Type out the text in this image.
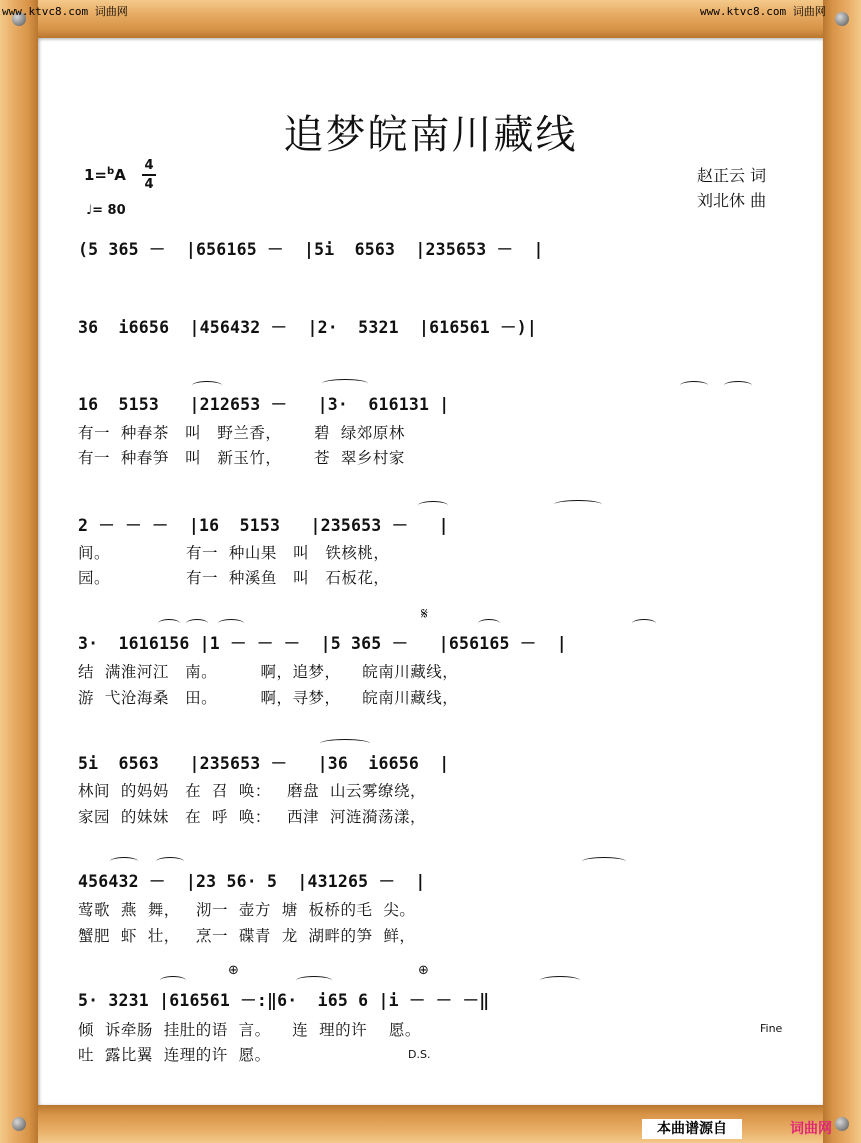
www.ktvc8.com 词曲网	www.ktvc8.com 词曲网
追梦皖南川藏线
1=$^b$A
4
4
♩= 80
赵正云 词
刘北休 曲
(5 365 －  |656165 －  |5i  6563  |235653 －  |
36  i6656  |456432 －  |2·  5321  |616561 －)|
16  5153   |212653 －   |3·  616131 |
有一  种春茶   叫   野兰香，      碧  绿郊原林
有一  种春笋   叫   新玉竹，      苍  翠乡村家
2 － － －  |16  5153   |235653 －   |
间。              有一  种山果   叫   铁核桃，
园。              有一  种溪鱼   叫   石板花，
𝄋
3·  1616156 |1 － － －  |5 365 －   |656165 －  |
结  满淮河江   南。        啊，追梦，    皖南川藏线，
游  弋沧海桑   田。        啊，寻梦，    皖南川藏线，
5i  6563   |235653 －   |36  i6656  |
林间  的妈妈   在  召  唤：   磨盘  山云雾缭绕，
家园  的妹妹   在  呼  唤：   西津  河涟漪荡漾，
456432 －  |23 56· 5  |431265 －  |
莺歌  燕  舞，   沏一  壶方  塘  板桥的毛  尖。
蟹肥  虾  壮，   烹一  碟青  龙  湖畔的笋  鲜，
⊕	⊕
5· 3231 |616561 －:‖6·  i65 6 |i － － －‖
倾  诉牵肠  挂肚的语  言。    连  理的许    愿。
吐  露比翼  连理的许  愿。
Fine
D.S.
本曲谱源自	词曲网
